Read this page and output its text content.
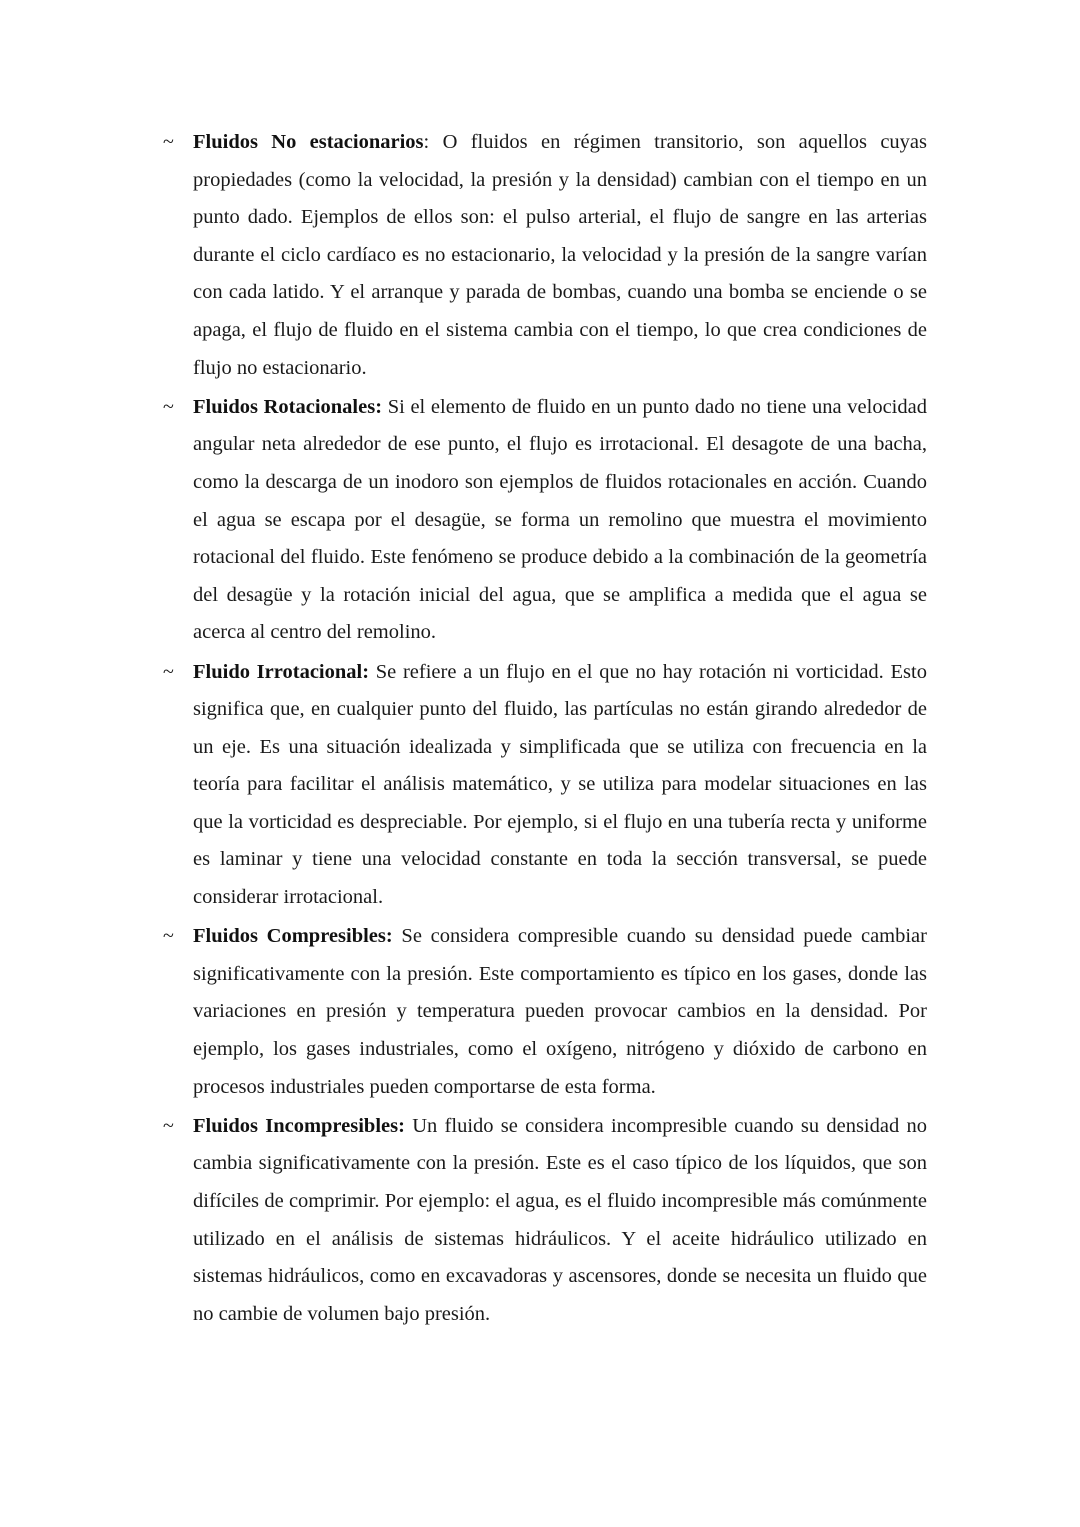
~ Fluidos No estacionarios: O fluidos en régimen transitorio, son aquellos cuyas propiedades (como la velocidad, la presión y la densidad) cambian con el tiempo en un punto dado. Ejemplos de ellos son: el pulso arterial, el flujo de sangre en las arterias durante el ciclo cardíaco es no estacionario, la velocidad y la presión de la sangre varían con cada latido. Y el arranque y parada de bombas, cuando una bomba se enciende o se apaga, el flujo de fluido en el sistema cambia con el tiempo, lo que crea condiciones de flujo no estacionario.
~ Fluidos Rotacionales: Si el elemento de fluido en un punto dado no tiene una velocidad angular neta alrededor de ese punto, el flujo es irrotacional. El desagote de una bacha, como la descarga de un inodoro son ejemplos de fluidos rotacionales en acción. Cuando el agua se escapa por el desagüe, se forma un remolino que muestra el movimiento rotacional del fluido. Este fenómeno se produce debido a la combinación de la geometría del desagüe y la rotación inicial del agua, que se amplifica a medida que el agua se acerca al centro del remolino.
~ Fluido Irrotacional: Se refiere a un flujo en el que no hay rotación ni vorticidad. Esto significa que, en cualquier punto del fluido, las partículas no están girando alrededor de un eje. Es una situación idealizada y simplificada que se utiliza con frecuencia en la teoría para facilitar el análisis matemático, y se utiliza para modelar situaciones en las que la vorticidad es despreciable. Por ejemplo, si el flujo en una tubería recta y uniforme es laminar y tiene una velocidad constante en toda la sección transversal, se puede considerar irrotacional.
~ Fluidos Compresibles: Se considera compresible cuando su densidad puede cambiar significativamente con la presión. Este comportamiento es típico en los gases, donde las variaciones en presión y temperatura pueden provocar cambios en la densidad. Por ejemplo, los gases industriales, como el oxígeno, nitrógeno y dióxido de carbono en procesos industriales pueden comportarse de esta forma.
~ Fluidos Incompresibles: Un fluido se considera incompresible cuando su densidad no cambia significativamente con la presión. Este es el caso típico de los líquidos, que son difíciles de comprimir. Por ejemplo: el agua, es el fluido incompresible más comúnmente utilizado en el análisis de sistemas hidráulicos. Y el aceite hidráulico utilizado en sistemas hidráulicos, como en excavadoras y ascensores, donde se necesita un fluido que no cambie de volumen bajo presión.
